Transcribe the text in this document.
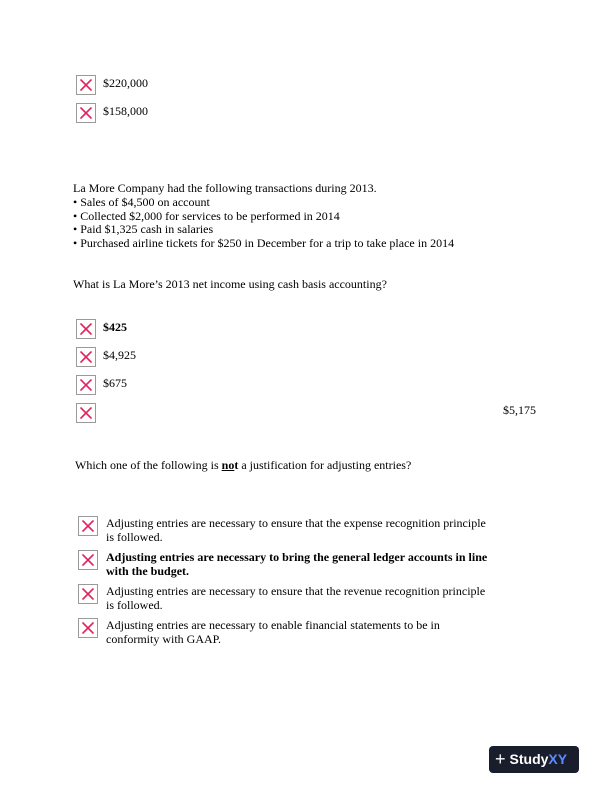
$220,000
$158,000
La More Company had the following transactions during 2013.
• Sales of $4,500 on account
• Collected $2,000 for services to be performed in 2014
• Paid $1,325 cash in salaries
• Purchased airline tickets for $250 in December for a trip to take place in 2014
What is La More’s 2013 net income using cash basis accounting?
$425
$4,925
$675
$5,175
Which one of the following is not a justification for adjusting entries?
Adjusting entries are necessary to ensure that the expense recognition principle is followed.
Adjusting entries are necessary to bring the general ledger accounts in line with the budget.
Adjusting entries are necessary to ensure that the revenue recognition principle is followed.
Adjusting entries are necessary to enable financial statements to be in conformity with GAAP.
+ StudyXY
